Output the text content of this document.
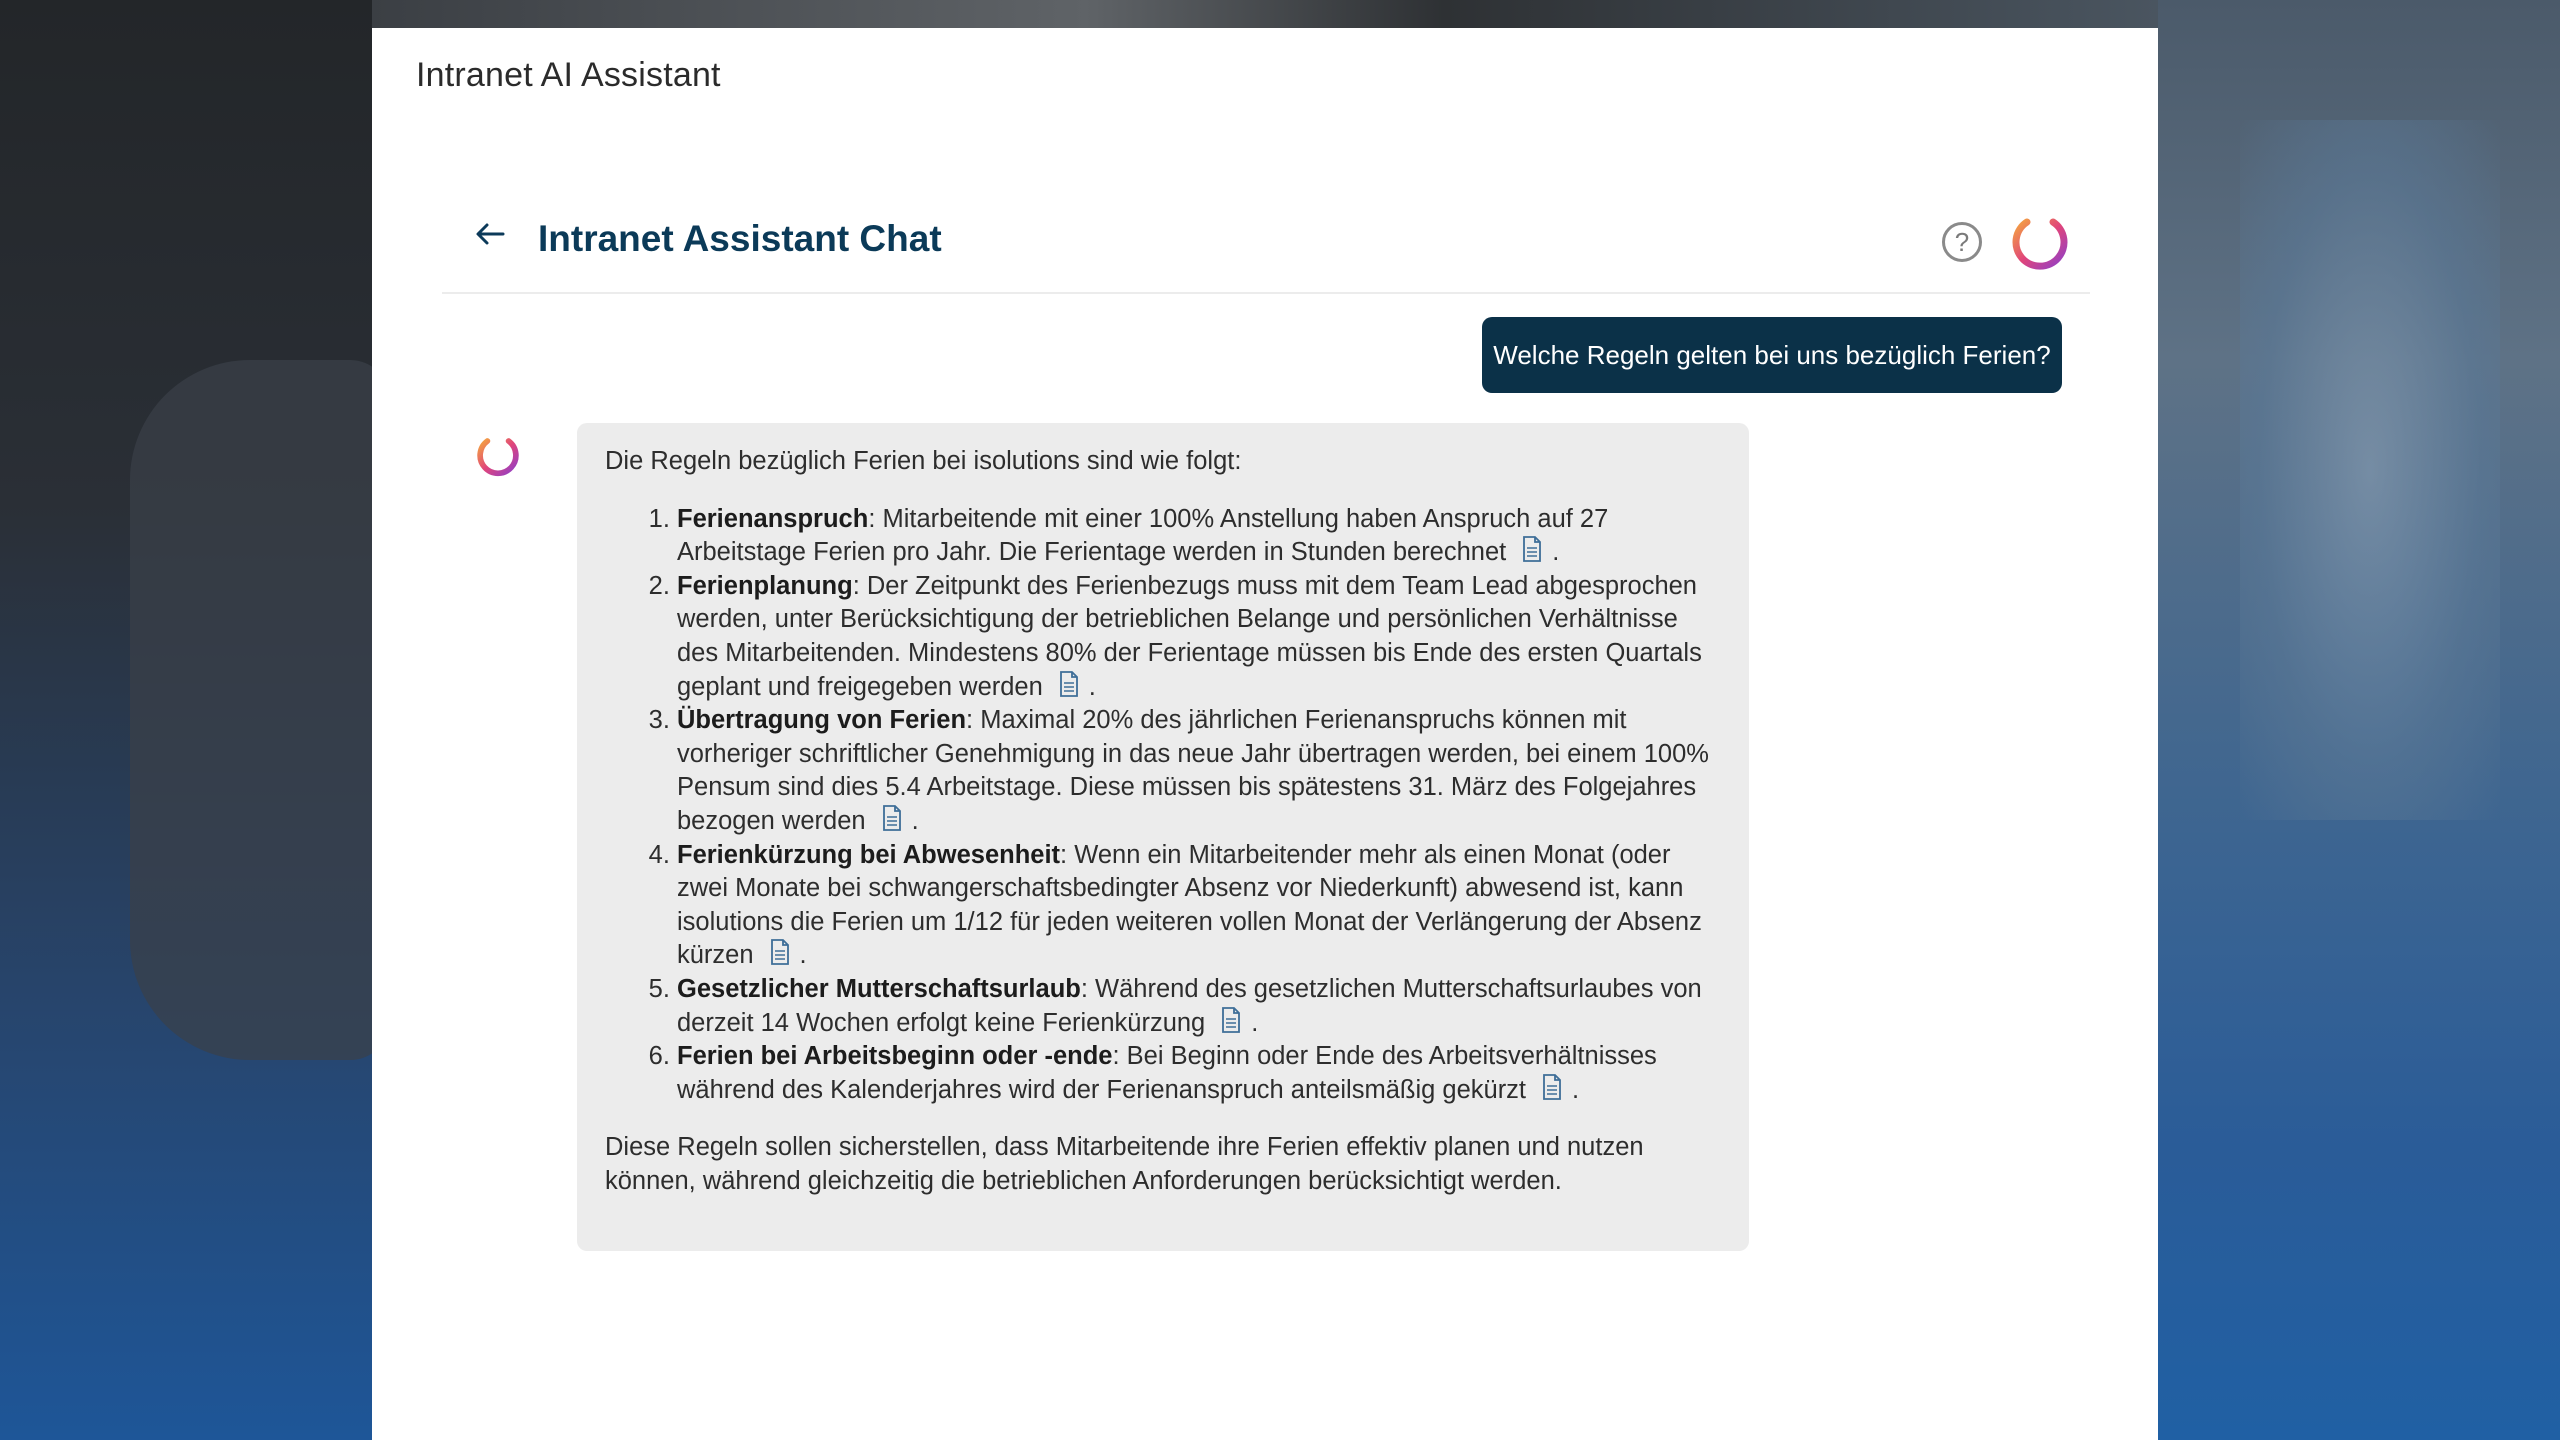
Intranet AI Assistant
Intranet Assistant Chat	?
Welche Regeln gelten bei uns bezüglich Ferien?

Die Regeln bezüglich Ferien bei isolutions sind wie folgt:

1. Ferienanspruch: Mitarbeitende mit einer 100% Anstellung haben Anspruch auf 27 Arbeitstage Ferien pro Jahr. Die Ferientage werden in Stunden berechnet .
2. Ferienplanung: Der Zeitpunkt des Ferienbezugs muss mit dem Team Lead abgesprochen werden, unter Berücksichtigung der betrieblichen Belange und persönlichen Verhältnisse des Mitarbeitenden. Mindestens 80% der Ferientage müssen bis Ende des ersten Quartals geplant und freigegeben werden .
3. Übertragung von Ferien: Maximal 20% des jährlichen Ferienanspruchs können mit vorheriger schriftlicher Genehmigung in das neue Jahr übertragen werden, bei einem 100% Pensum sind dies 5.4 Arbeitstage. Diese müssen bis spätestens 31. März des Folgejahres bezogen werden .
4. Ferienkürzung bei Abwesenheit: Wenn ein Mitarbeitender mehr als einen Monat (oder zwei Monate bei schwangerschaftsbedingter Absenz vor Niederkunft) abwesend ist, kann isolutions die Ferien um 1/12 für jeden weiteren vollen Monat der Verlängerung der Absenz kürzen .
5. Gesetzlicher Mutterschaftsurlaub: Während des gesetzlichen Mutterschaftsurlaubes von derzeit 14 Wochen erfolgt keine Ferienkürzung .
6. Ferien bei Arbeitsbeginn oder -ende: Bei Beginn oder Ende des Arbeitsverhältnisses während des Kalenderjahres wird der Ferienanspruch anteilsmäßig gekürzt .

Diese Regeln sollen sicherstellen, dass Mitarbeitende ihre Ferien effektiv planen und nutzen können, während gleichzeitig die betrieblichen Anforderungen berücksichtigt werden.
